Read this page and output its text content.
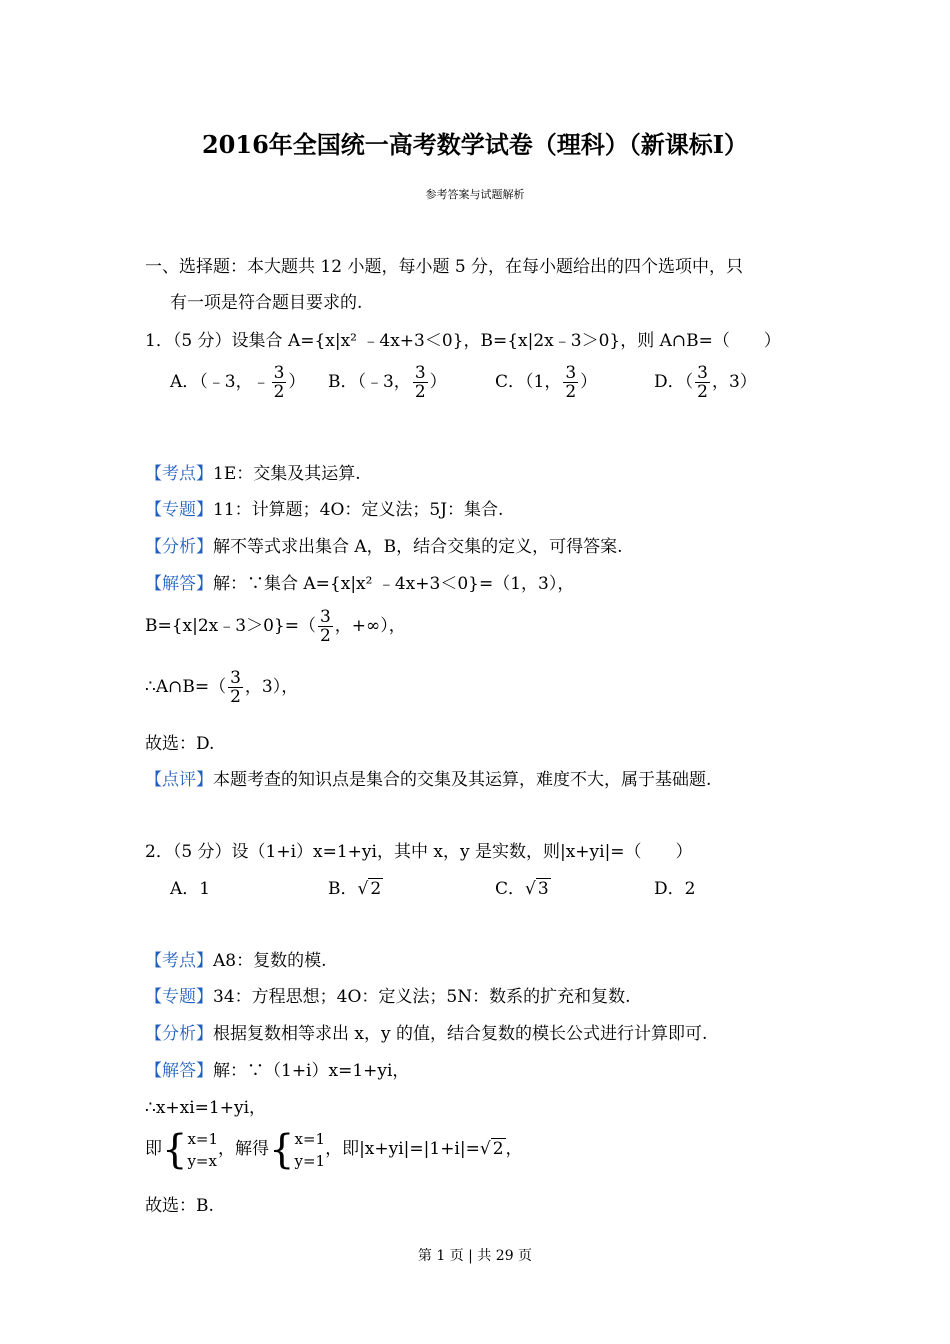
2016年全国统一高考数学试卷（理科）（新课标Ⅰ）
参考答案与试题解析
一、选择题：本大题共 12 小题，每小题 5 分，在每小题给出的四个选项中，只
有一项是符合题目要求的.
1．（5 分）设集合 A={x|x² ﹣4x+3＜0}，B={x|2x﹣3＞0}，则 A∩B=（　　）
A．（﹣3，﹣ $\frac{3}{2}$ ） B．（﹣3， $\frac{3}{2}$ ）	C．（1， $\frac{3}{2}$ ）	D．（ $\frac{3}{2}$ ，3）
【考点】1E：交集及其运算.
【专题】11：计算题；4O：定义法；5J：集合.
【分析】解不等式求出集合 A，B，结合交集的定义，可得答案.
【解答】解：∵集合 A={x|x² ﹣4x+3＜0}=（1，3），
B={x|2x﹣3＞0}=（ $\frac{3}{2}$ ，+∞），
∴A∩B=（ $\frac{3}{2}$ ，3），
故选：D.
【点评】本题考查的知识点是集合的交集及其运算，难度不大，属于基础题.
2．（5 分）设（1+i）x=1+yi，其中 x，y 是实数，则|x+yi|=（　　）
A．1	B．√ 2	C．√ 3	D．2
【考点】A8：复数的模.
【专题】34：方程思想；4O：定义法；5N：数系的扩充和复数.
【分析】根据复数相等求出 x，y 的值，结合复数的模长公式进行计算即可.
【解答】解：∵（1+i）x=1+yi，
∴x+xi=1+yi，
即{ x=1
y=x
，解得{ x=1
y=1
，即|x+yi|=|1+i|=√ 2 ，
故选：B.
第 1 页 | 共 29 页
